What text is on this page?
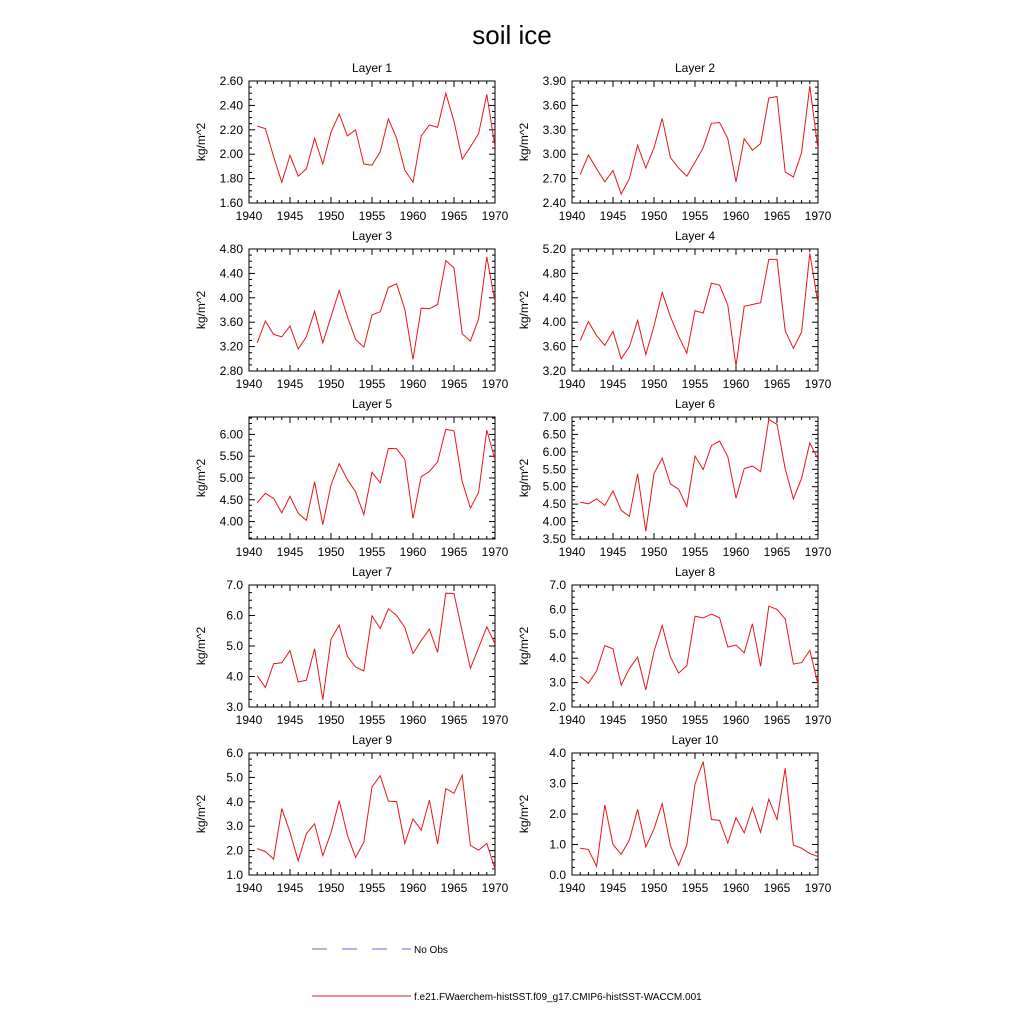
soil ice
Layer 1
1940 1945 1950 1955 1960 1965 1970
1.60
1.80
2.00
2.20
2.40
2.60
kg/m^2
Layer 2
1940 1945 1950 1955 1960 1965 1970
2.40
2.70
3.00
3.30
3.60
3.90
kg/m^2
Layer 3
1940 1945 1950 1955 1960 1965 1970
2.80
3.20
3.60
4.00
4.40
4.80
kg/m^2
Layer 4
1940 1945 1950 1955 1960 1965 1970
3.20
3.60
4.00
4.40
4.80
5.20
kg/m^2
Layer 5
1940 1945 1950 1955 1960 1965 1970
4.00
4.50
5.00
5.50
6.00
kg/m^2
Layer 6
1940 1945 1950 1955 1960 1965 1970
3.50
4.00
4.50
5.00
5.50
6.00
6.50
7.00
kg/m^2
Layer 7
1940 1945 1950 1955 1960 1965 1970
3.0
4.0
5.0
6.0
7.0
kg/m^2
Layer 8
1940 1945 1950 1955 1960 1965 1970
2.0
3.0
4.0
5.0
6.0
7.0
kg/m^2
Layer 9
1940 1945 1950 1955 1960 1965 1970
1.0
2.0
3.0
4.0
5.0
6.0
kg/m^2
Layer 10
1940 1945 1950 1955 1960 1965 1970
0.0
1.0
2.0
3.0
4.0
kg/m^2
No Obs
f.e21.FWaerchem-histSST.f09_g17.CMIP6-histSST-WACCM.001
